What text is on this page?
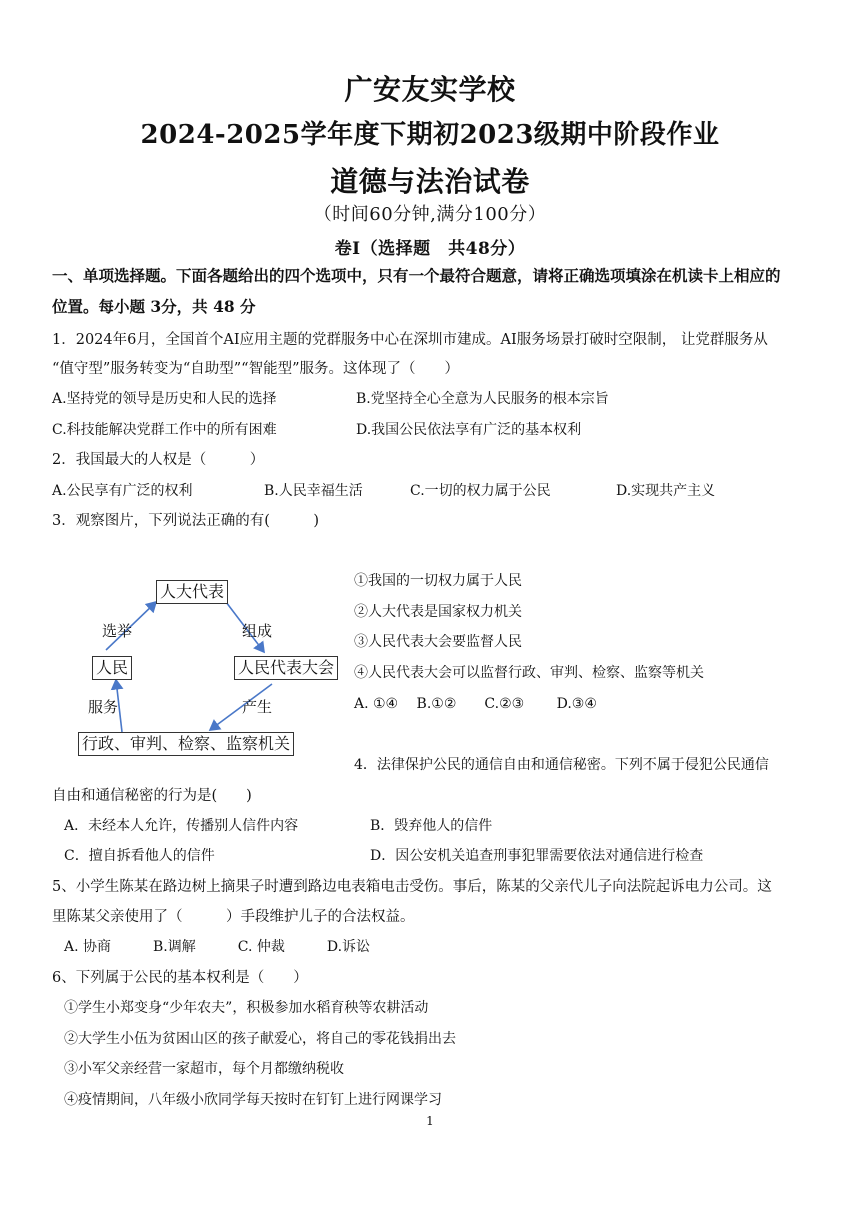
广安友实学校
2024-2025学年度下期初2023级期中阶段作业
道德与法治试卷
（时间60分钟,满分100分）
卷Ⅰ（选择题　共48分）
一、单项选择题。下面各题给出的四个选项中，只有一个最符合题意，请将正确选项填涂在机读卡上相应的
位置。每小题 3分，共 48 分
1．2024年6月，全国首个AI应用主题的党群服务中心在深圳市建成。AI服务场景打破时空限制， 让党群服务从
“值守型”服务转变为“自助型”“智能型”服务。这体现了（　　）
A.坚持党的领导是历史和人民的选择	B.党坚持全心全意为人民服务的根本宗旨
C.科技能解决党群工作中的所有困难	D.我国公民依法享有广泛的基本权利
2．我国最大的人权是（　　　）
A.公民享有广泛的权利	B.人民幸福生活	C.一切的权力属于公民	D.实现共产主义
3．观察图片，下列说法正确的有(　　　)
人大代表
人民	人民代表大会
行政、审判、检察、监察机关
选举	组成
产生
服务
①我国的一切权力属于人民
②人大代表是国家权力机关
③人民代表大会要监督人民
④人民代表大会可以监督行政、审判、检察、监察等机关
A. ①④　 B.①②　　C.②③　　 D.③④
4．法律保护公民的通信自由和通信秘密。下列不属于侵犯公民通信
自由和通信秘密的行为是(　　)
A．未经本人允许，传播别人信件内容	B．毁弃他人的信件
C．擅自拆看他人的信件	D．因公安机关追查刑事犯罪需要依法对通信进行检查
5、小学生陈某在路边树上摘果子时遭到路边电表箱电击受伤。事后，陈某的父亲代儿子向法院起诉电力公司。这
里陈某父亲使用了（　　　）手段维护儿子的合法权益。
A. 协商　　　B.调解　　　C. 仲裁　　　D.诉讼
6、下列属于公民的基本权利是（　　）
①学生小郑变身“少年农夫”，积极参加水稻育秧等农耕活动
②大学生小伍为贫困山区的孩子献爱心，将自己的零花钱捐出去
③小军父亲经营一家超市，每个月都缴纳税收
④疫情期间，八年级小欣同学每天按时在钉钉上进行网课学习
1
